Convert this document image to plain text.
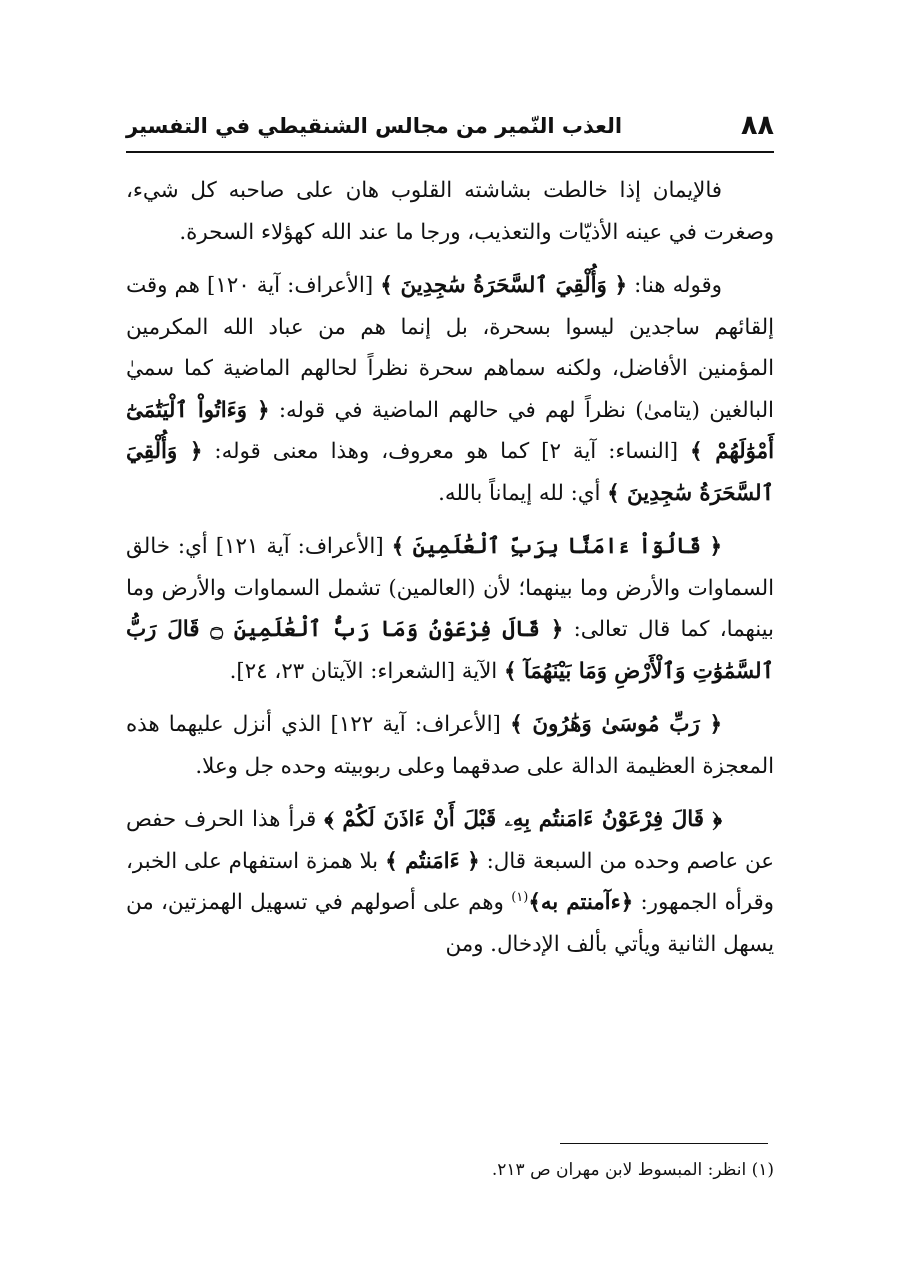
٨٨
العذب النّمير من مجالس الشنقيطي في التفسير

فالإيمان إذا خالطت بشاشته القلوب هان على صاحبه كل شيء، وصغرت في عينه الأذيّات والتعذيب، ورجا ما عند الله كهؤلاء السحرة.

وقوله هنا: ﴿ وَأُلْقِيَ ٱلسَّحَرَةُ سَٰجِدِينَ ﴾ [الأعراف: آية ١٢٠] هم وقت إلقائهم ساجدين ليسوا بسحرة، بل إنما هم من عباد الله المكرمين المؤمنين الأفاضل، ولكنه سماهم سحرة نظراً لحالهم الماضية كما سميٰ البالغين (يتامىٰ) نظراً لهم في حالهم الماضية في قوله: ﴿ وَءَاتُواْ ٱلْيَتَٰمَىٰٓ أَمْوَٰلَهُمْ ﴾ [النساء: آية ٢] كما هو معروف، وهذا معنى قوله: ﴿ وَأُلْقِيَ ٱلسَّحَرَةُ سَٰجِدِينَ ﴾ أي: لله إيماناً بالله.

﴿ قَالُوٓاْ ءَامَنَّا بِرَبِّ ٱلْعَٰلَمِينَ ﴾ [الأعراف: آية ١٢١] أي: خالق السماوات والأرض وما بينهما؛ لأن (العالمين) تشمل السماوات والأرض وما بينهما، كما قال تعالى: ﴿ قَالَ فِرْعَوْنُ وَمَا رَبُّ ٱلْعَٰلَمِينَ ۝ قَالَ رَبُّ ٱلسَّمَٰوَٰتِ وَٱلْأَرْضِ وَمَا بَيْنَهُمَآ ﴾ الآية [الشعراء: الآيتان ٢٣، ٢٤].

﴿ رَبِّ مُوسَىٰ وَهَٰرُونَ ﴾ [الأعراف: آية ١٢٢] الذي أنزل عليهما هذه المعجزة العظيمة الدالة على صدقهما وعلى ربوبيته وحده جل وعلا.

﴿ قَالَ فِرْعَوْنُ ءَامَنتُم بِهِۦ قَبْلَ أَنْ ءَاذَنَ لَكُمْ ﴾ قرأ هذا الحرف حفص عن عاصم وحده من السبعة قال: ﴿ ءَامَنتُم ﴾ بلا همزة استفهام على الخبر، وقرأه الجمهور: ﴿ءآمنتم به﴾$^{(١)}$ وهم على أصولهم في تسهيل الهمزتين، من يسهل الثانية ويأتي بألف الإدخال. ومن

(١) انظر: المبسوط لابن مهران ص ٢١٣.
